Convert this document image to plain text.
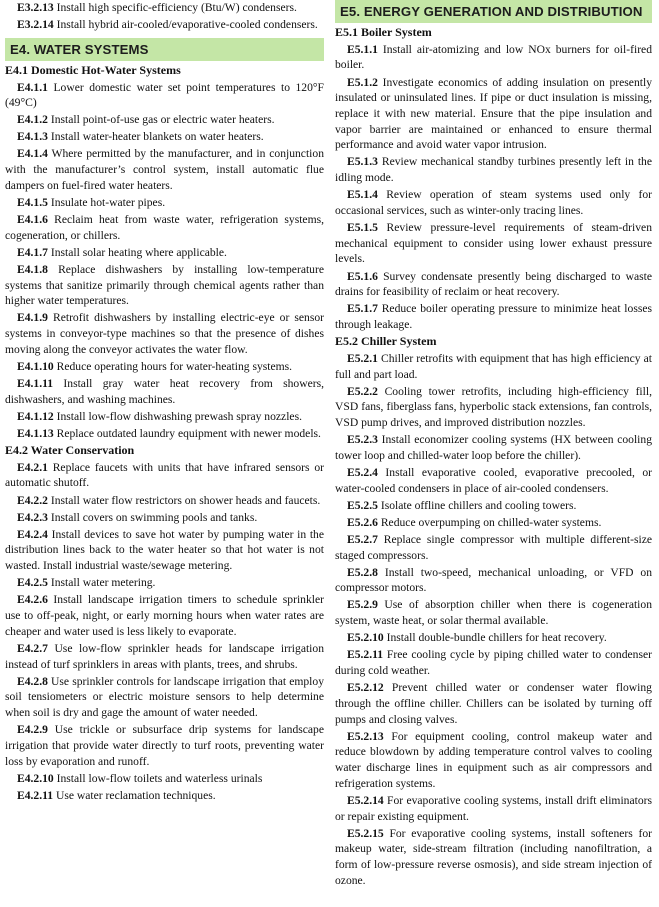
E3.2.13 Install high specific-efficiency (Btu/W) condensers.

E3.2.14 Install hybrid air-cooled/evaporative-cooled condensers.

E4. WATER SYSTEMS
E4.1 Domestic Hot-Water Systems

E4.1.1 Lower domestic water set point temperatures to 120°F (49°C)

E4.1.2 Install point-of-use gas or electric water heaters.

E4.1.3 Install water-heater blankets on water heaters.

E4.1.4 Where permitted by the manufacturer, and in conjunction with the manufacturer’s control system, install automatic flue dampers on fuel-fired water heaters.

E4.1.5 Insulate hot-water pipes.

E4.1.6 Reclaim heat from waste water, refrigeration systems, cogeneration, or chillers.

E4.1.7 Install solar heating where applicable.

E4.1.8 Replace dishwashers by installing low-temperature systems that sanitize primarily through chemical agents rather than higher water temperatures.

E4.1.9 Retrofit dishwashers by installing electric-eye or sensor systems in conveyor-type machines so that the presence of dishes moving along the conveyor activates the water flow.

E4.1.10 Reduce operating hours for water-heating systems.

E4.1.11 Install gray water heat recovery from showers, dishwashers, and washing machines.

E4.1.12 Install low-flow dishwashing prewash spray nozzles.

E4.1.13 Replace outdated laundry equipment with newer models.

E4.2 Water Conservation

E4.2.1 Replace faucets with units that have infrared sensors or automatic shutoff.

E4.2.2 Install water flow restrictors on shower heads and faucets.

E4.2.3 Install covers on swimming pools and tanks.

E4.2.4 Install devices to save hot water by pumping water in the distribution lines back to the water heater so that hot water is not wasted. Install industrial waste/sewage metering.

E4.2.5 Install water metering.

E4.2.6 Install landscape irrigation timers to schedule sprinkler use to off-peak, night, or early morning hours when water rates are cheaper and water used is less likely to evaporate.

E4.2.7 Use low-flow sprinkler heads for landscape irrigation instead of turf sprinklers in areas with plants, trees, and shrubs.

E4.2.8 Use sprinkler controls for landscape irrigation that employ soil tensiometers or electric moisture sensors to help determine when soil is dry and gage the amount of water needed.

E4.2.9 Use trickle or subsurface drip systems for landscape irrigation that provide water directly to turf roots, preventing water loss by evaporation and runoff.

E4.2.10 Install low-flow toilets and waterless urinals

E4.2.11 Use water reclamation techniques.

E5. ENERGY GENERATION AND DISTRIBUTION
E5.1 Boiler System

E5.1.1 Install air-atomizing and low NOx burners for oil-fired boiler.

E5.1.2 Investigate economics of adding insulation on presently insulated or uninsulated lines. If pipe or duct insulation is missing, replace it with new material. Ensure that the pipe insulation and vapor barrier are maintained or enhanced to ensure thermal performance and avoid water vapor intrusion.

E5.1.3 Review mechanical standby turbines presently left in the idling mode.

E5.1.4 Review operation of steam systems used only for occasional services, such as winter-only tracing lines.

E5.1.5 Review pressure-level requirements of steam-driven mechanical equipment to consider using lower exhaust pressure levels.

E5.1.6 Survey condensate presently being discharged to waste drains for feasibility of reclaim or heat recovery.

E5.1.7 Reduce boiler operating pressure to minimize heat losses through leakage.

E5.2 Chiller System

E5.2.1 Chiller retrofits with equipment that has high efficiency at full and part load.

E5.2.2 Cooling tower retrofits, including high-efficiency fill, VSD fans, fiberglass fans, hyperbolic stack extensions, fan controls, VSD pump drives, and improved distribution nozzles.

E5.2.3 Install economizer cooling systems (HX between cooling tower loop and chilled-water loop before the chiller).

E5.2.4 Install evaporative cooled, evaporative precooled, or water-cooled condensers in place of air-cooled condensers.

E5.2.5 Isolate offline chillers and cooling towers.

E5.2.6 Reduce overpumping on chilled-water systems.

E5.2.7 Replace single compressor with multiple different-size staged compressors.

E5.2.8 Install two-speed, mechanical unloading, or VFD on compressor motors.

E5.2.9 Use of absorption chiller when there is cogeneration system, waste heat, or solar thermal available.

E5.2.10 Install double-bundle chillers for heat recovery.

E5.2.11 Free cooling cycle by piping chilled water to condenser during cold weather.

E5.2.12 Prevent chilled water or condenser water flowing through the offline chiller. Chillers can be isolated by turning off pumps and closing valves.

E5.2.13 For equipment cooling, control makeup water and reduce blowdown by adding temperature control valves to cooling water discharge lines in equipment such as air compressors and refrigeration systems.

E5.2.14 For evaporative cooling systems, install drift eliminators or repair existing equipment.

E5.2.15 For evaporative cooling systems, install softeners for makeup water, side-stream filtration (including nanofiltration, a form of low-pressure reverse osmosis), and side stream injection of ozone.
